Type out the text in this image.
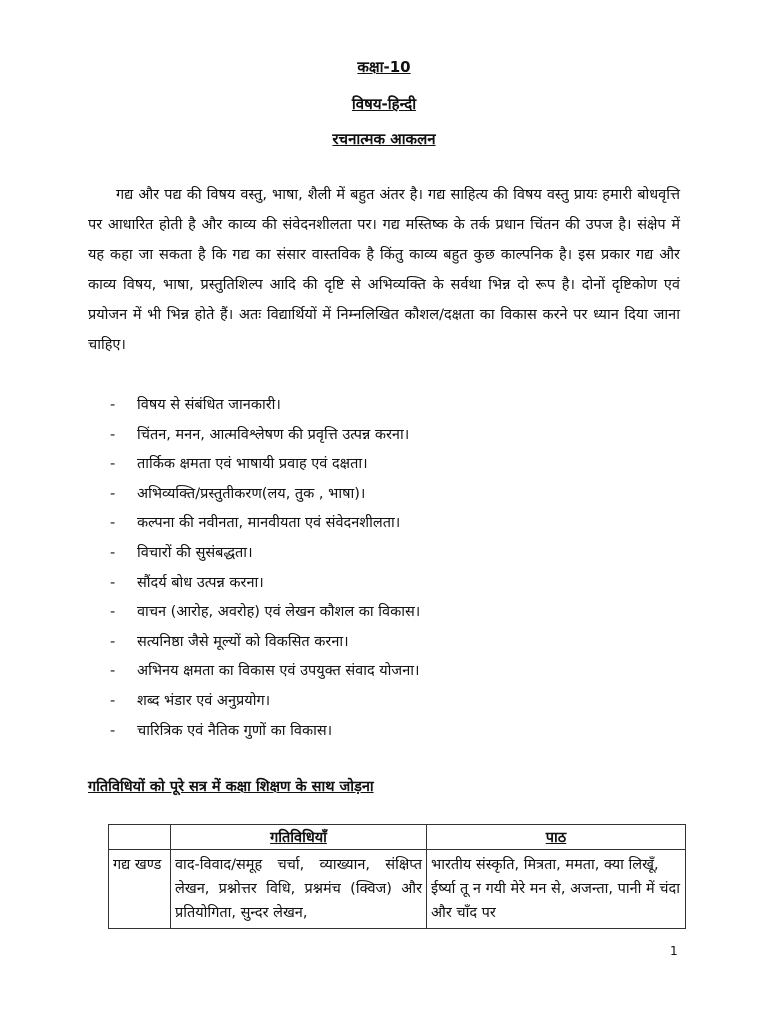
कक्षा-10
विषय-हिन्दी
रचनात्मक आकलन

गद्य और पद्य की विषय वस्तु, भाषा, शैली में बहुत अंतर है। गद्य साहित्य की विषय वस्तु प्रायः हमारी बोधवृत्ति पर आधारित होती है और काव्य की संवेदनशीलता पर। गद्य मस्तिष्क के तर्क प्रधान चिंतन की उपज है। संक्षेप में यह कहा जा सकता है कि गद्य का संसार वास्तविक है किंतु काव्य बहुत कुछ काल्पनिक है। इस प्रकार गद्य और काव्य विषय, भाषा, प्रस्तुतिशिल्प आदि की दृष्टि से अभिव्यक्ति के सर्वथा भिन्न दो रूप है। दोनों दृष्टिकोण एवं प्रयोजन में भी भिन्न होते हैं। अतः विद्यार्थियों में निम्नलिखित कौशल/दक्षता का विकास करने पर ध्यान दिया जाना चाहिए।

- विषय से संबंधित जानकारी।
- चिंतन, मनन, आत्मविश्लेषण की प्रवृत्ति उत्पन्न करना।
- तार्किक क्षमता एवं भाषायी प्रवाह एवं दक्षता।
- अभिव्यक्ति/प्रस्तुतीकरण(लय, तुक , भाषा)।
- कल्पना की नवीनता, मानवीयता एवं संवेदनशीलता।
- विचारों की सुसंबद्धता।
- सौंदर्य बोध उत्पन्न करना।
- वाचन (आरोह, अवरोह) एवं लेखन कौशल का विकास।
- सत्यनिष्ठा जैसे मूल्यों को विकसित करना।
- अभिनय क्षमता का विकास एवं उपयुक्त संवाद योजना।
- शब्द भंडार एवं अनुप्रयोग।
- चारित्रिक एवं नैतिक गुणों का विकास।
गतिविधियों को पूरे सत्र में कक्षा शिक्षण के साथ जोड़ना
	गतिविधियाँ	पाठ
गद्य खण्ड	वाद-विवाद/समूह चर्चा, व्याख्यान, संक्षिप्त लेखन, प्रश्नोत्तर विधि, प्रश्नमंच (क्विज) और प्रतियोगिता, सुन्दर लेखन,	भारतीय संस्कृति, मित्रता, ममता, क्या लिखूँ, ईर्ष्या तू न गयी मेरे मन से, अजन्ता, पानी में चंदा और चाँद पर

1
